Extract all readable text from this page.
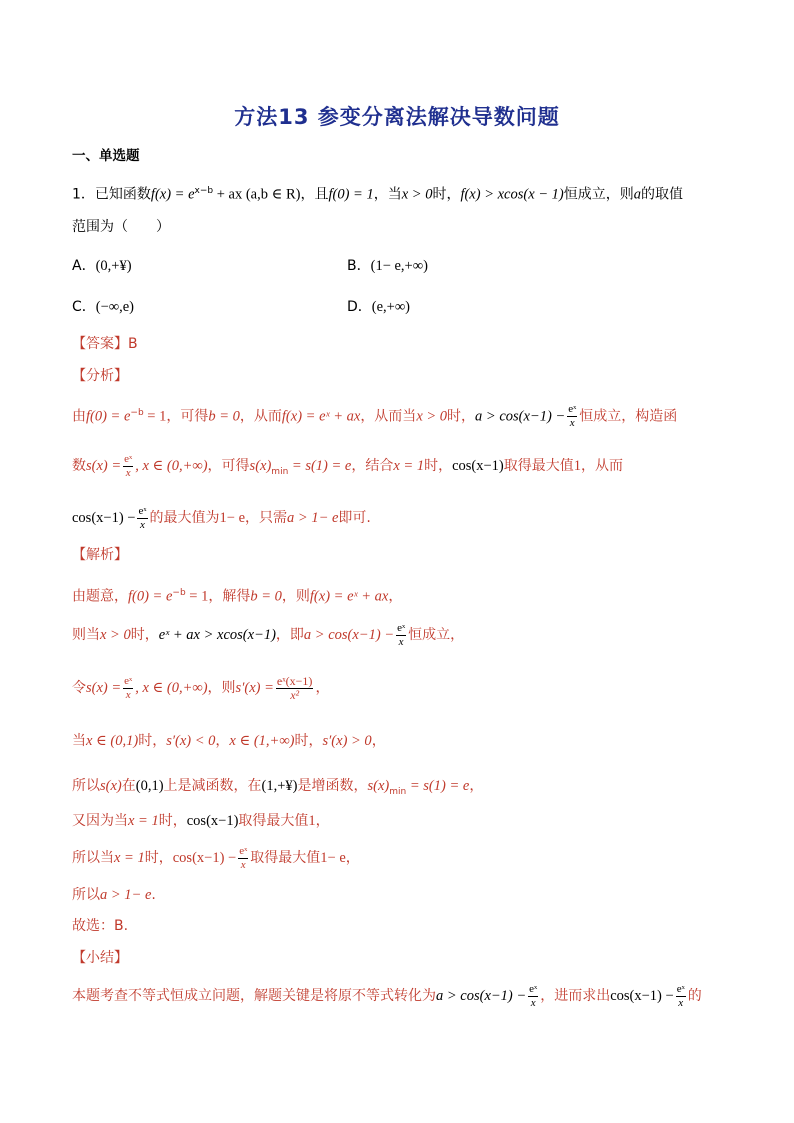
方法13 参变分离法解决导数问题
一、单选题
1．已知函数$f(x) = e^{x-b}$ + ax (a,b ∈ R)，且f(0) = 1，当x > 0时，f(x) > xcos(x − 1)恒成立，则a的取值
范围为（　　）
A．(0,+¥)	B．(1− e,+∞)
C．(−∞,e)	D．(e,+∞)
【答案】B
【分析】
由$f(0) = e^{-b} = 1$，可得b = 0，从而f(x) = eˣ + ax，从而当x > 0时，$a > \cos(x-1) - \frac{\text{eˣ}}{x}$ 恒成立，构造函
数$s(x) = \frac{\text{eˣ}}{x}$ , x ∈ (0,+∞)，可得$s(x)_{min} = s(1) = e$，结合x = 1时，cos(x−1)取得最大值1，从而
$\cos(x-1) - \frac{\text{eˣ}}{x}$ 的最大值为1− e，只需a > 1− e即可.
【解析】
由题意，$f(0) = e^{-b} = 1$，解得b = 0，则f(x) = eˣ + ax，
则当x > 0时，eˣ + ax > xcos(x−1)，即$a > \cos(x-1) - \frac{\text{eˣ}}{x}$ 恒成立，
令$s(x) = \frac{\text{eˣ}}{x}$ , x ∈ (0,+∞)，则$s'(x) = \frac{\text{eˣ(x−1)}}{\text{x²}}$ ，
当x ∈ (0,1)时，s′(x) < 0，x ∈ (1,+∞)时，s′(x) > 0，
所以s(x)在(0,1)上是减函数，在(1,+¥)是增函数，$s(x)_{min} = s(1) = e$，
又因为当x = 1时，cos(x−1)取得最大值1，
所以当x = 1时，$\cos(x-1) - \frac{\text{eˣ}}{x}$ 取得最大值1− e，
所以a > 1− e.
故选：B.
【小结】
本题考查不等式恒成立问题，解题关键是将原不等式转化为$a > \cos(x-1) - \frac{\text{eˣ}}{x}$ ，进而求出$\cos(x-1) - \frac{\text{eˣ}}{x}$ 的
